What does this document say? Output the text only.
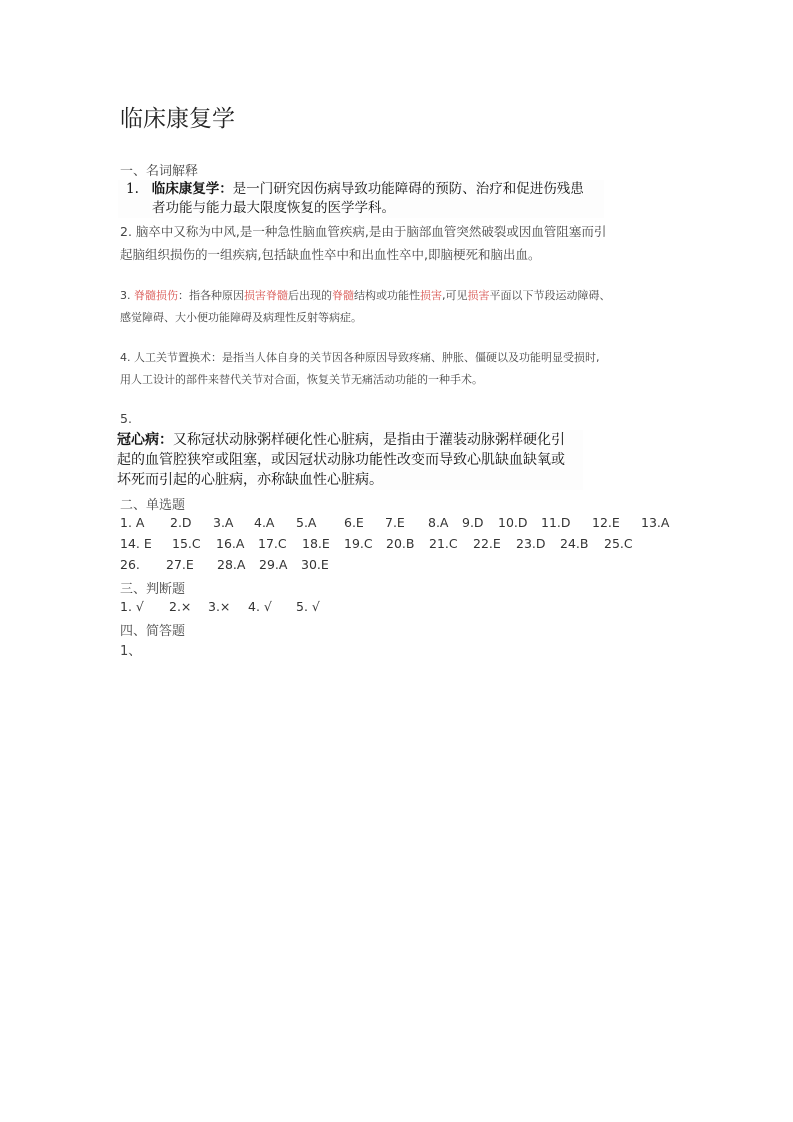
临床康复学
一、名词解释
1. 临床康复学：是一门研究因伤病导致功能障碍的预防、治疗和促进伤残患
者功能与能力最大限度恢复的医学学科。
2. 脑卒中又称为中风,是一种急性脑血管疾病,是由于脑部血管突然破裂或因血管阻塞而引
起脑组织损伤的一组疾病,包括缺血性卒中和出血性卒中,即脑梗死和脑出血。
3. 脊髓损伤：指各种原因损害脊髓后出现的脊髓结构或功能性损害,可见损害平面以下节段运动障碍、
感觉障碍、大小便功能障碍及病理性反射等病症。
4. 人工关节置换术：是指当人体自身的关节因各种原因导致疼痛、肿胀、僵硬以及功能明显受损时,
用人工设计的部件来替代关节对合面，恢复关节无痛活动功能的一种手术。
5.
冠心病：又称冠状动脉粥样硬化性心脏病，是指由于灌装动脉粥样硬化引
起的血管腔狭窄或阻塞，或因冠状动脉功能性改变而导致心肌缺血缺氧或
坏死而引起的心脏病，亦称缺血性心脏病。
二、单选题
1. A 2.D 3.A 4.A 5.A 6.E 7.E 8.A 9.D 10.D 11.D 12.E 13.A
14. E 15.C 16.A 17.C 18.E 19.C 20.B 21.C 22.E 23.D 24.B 25.C
26. 27.E 28.A 29.A 30.E
三、判断题
1. √ 2.× 3.× 4. √ 5. √
四、简答题
1、
